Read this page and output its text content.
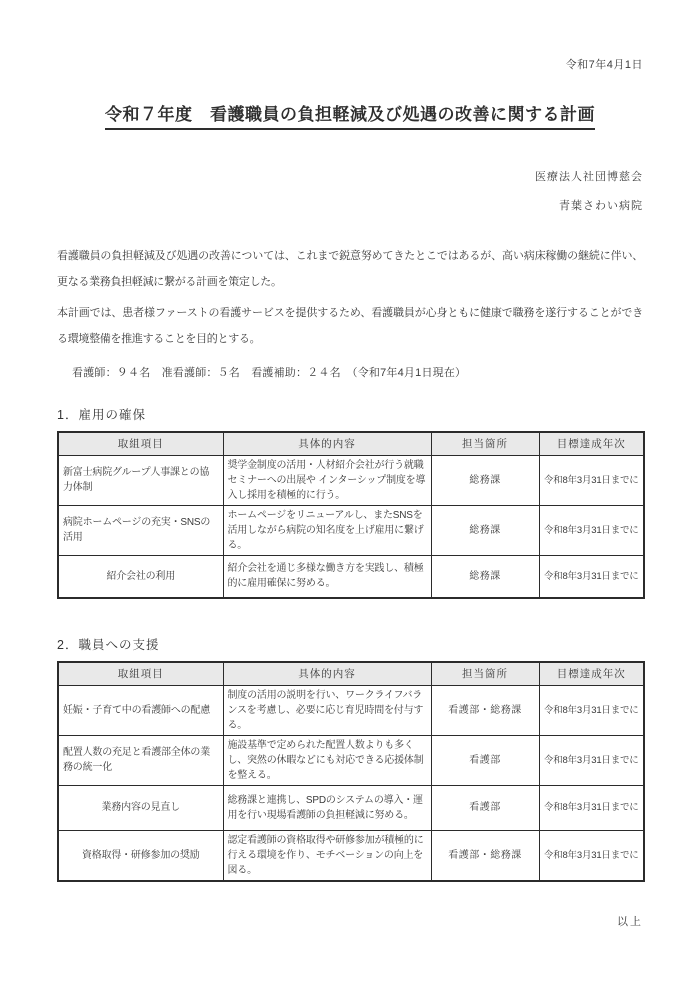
令和7年4月1日
令和７年度　看護職員の負担軽減及び処遇の改善に関する計画
医療法人社団博慈会
青葉さわい病院

看護職員の負担軽減及び処遇の改善については、これまで鋭意努めてきたとこではあるが、高い病床稼働の継続に伴い、更なる業務負担軽減に繋がる計画を策定した。

本計画では、患者様ファーストの看護サービスを提供するため、看護職員が心身ともに健康で職務を遂行することができる環境整備を推進することを目的とする。

看護師：９４名　准看護師：５名　看護補助：２４名　（令和7年4月1日現在）
1．雇用の確保
取組項目	具体的内容	担当箇所	目標達成年次
新富士病院グループ人事課との協力体制	奨学金制度の活用・人材紹介会社が行う就職セミナーへの出展や インターシップ制度を導入し採用を積極的に行う。	総務課	令和8年3月31日までに
病院ホームページの充実・SNSの活用	ホームページをリニューアルし、またSNSを活用しながら病院の知名度を上げ雇用に繋げる。	総務課	令和8年3月31日までに
紹介会社の利用	紹介会社を通じ多様な働き方を実践し、積極的に雇用確保に努める。	総務課	令和8年3月31日までに
2．職員への支援
取組項目	具体的内容	担当箇所	目標達成年次
妊娠・子育て中の看護師への配慮	制度の活用の説明を行い、ワークライフバランスを考慮し、必要に応じ育児時間を付与する。	看護部・総務課	令和8年3月31日までに
配置人数の充足と看護部全体の業務の統一化	施設基準で定められた配置人数よりも多くし、突然の休暇などにも対応できる応援体制を整える。	看護部	令和8年3月31日までに
業務内容の見直し	総務課と連携し、SPDのシステムの導入・運用を行い現場看護師の負担軽減に努める。	看護部	令和8年3月31日までに
資格取得・研修参加の奨励	認定看護師の資格取得や研修参加が積極的に行える環境を作り、モチベーションの向上を図る。	看護部・総務課	令和8年3月31日までに
以上
